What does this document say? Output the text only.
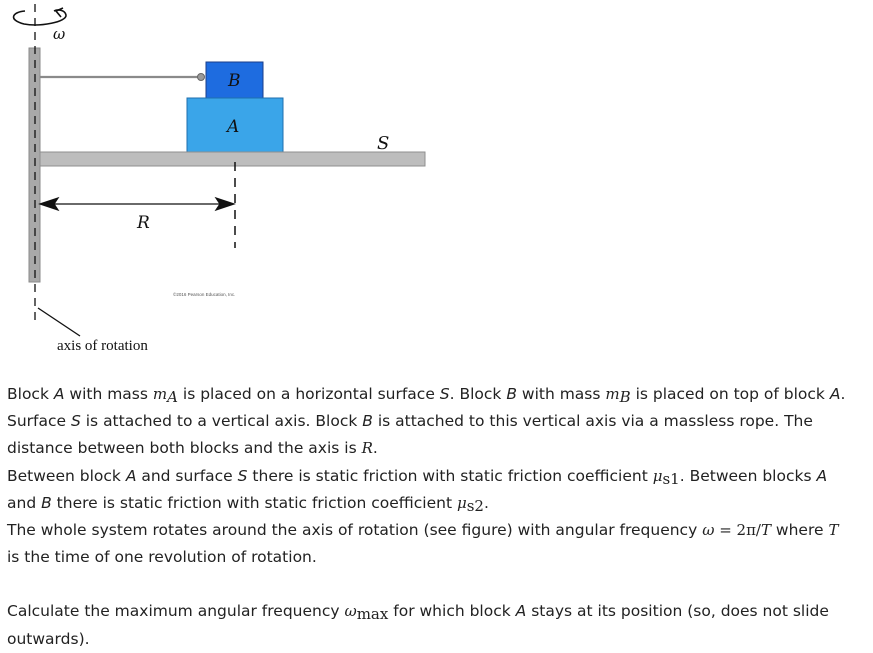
ω
B
A
S
R
©2016 Pearson Education, Inc.
axis of rotation

Block A with mass $m_A$ is placed on a horizontal surface S. Block B with mass $m_B$ is placed on top of block A.

Surface S is attached to a vertical axis. Block B is attached to this vertical axis via a massless rope. The

distance between both blocks and the axis is R.

Between block A and surface S there is static friction with static friction coefficient $\mu_{s1}$. Between blocks A

and B there is static friction with static friction coefficient $\mu_{s2}$.

The whole system rotates around the axis of rotation (see figure) with angular frequency ω = 2π/T where T

is the time of one revolution of rotation.

Calculate the maximum angular frequency $\omega_{max}$ for which block A stays at its position (so, does not slide

outwards).
